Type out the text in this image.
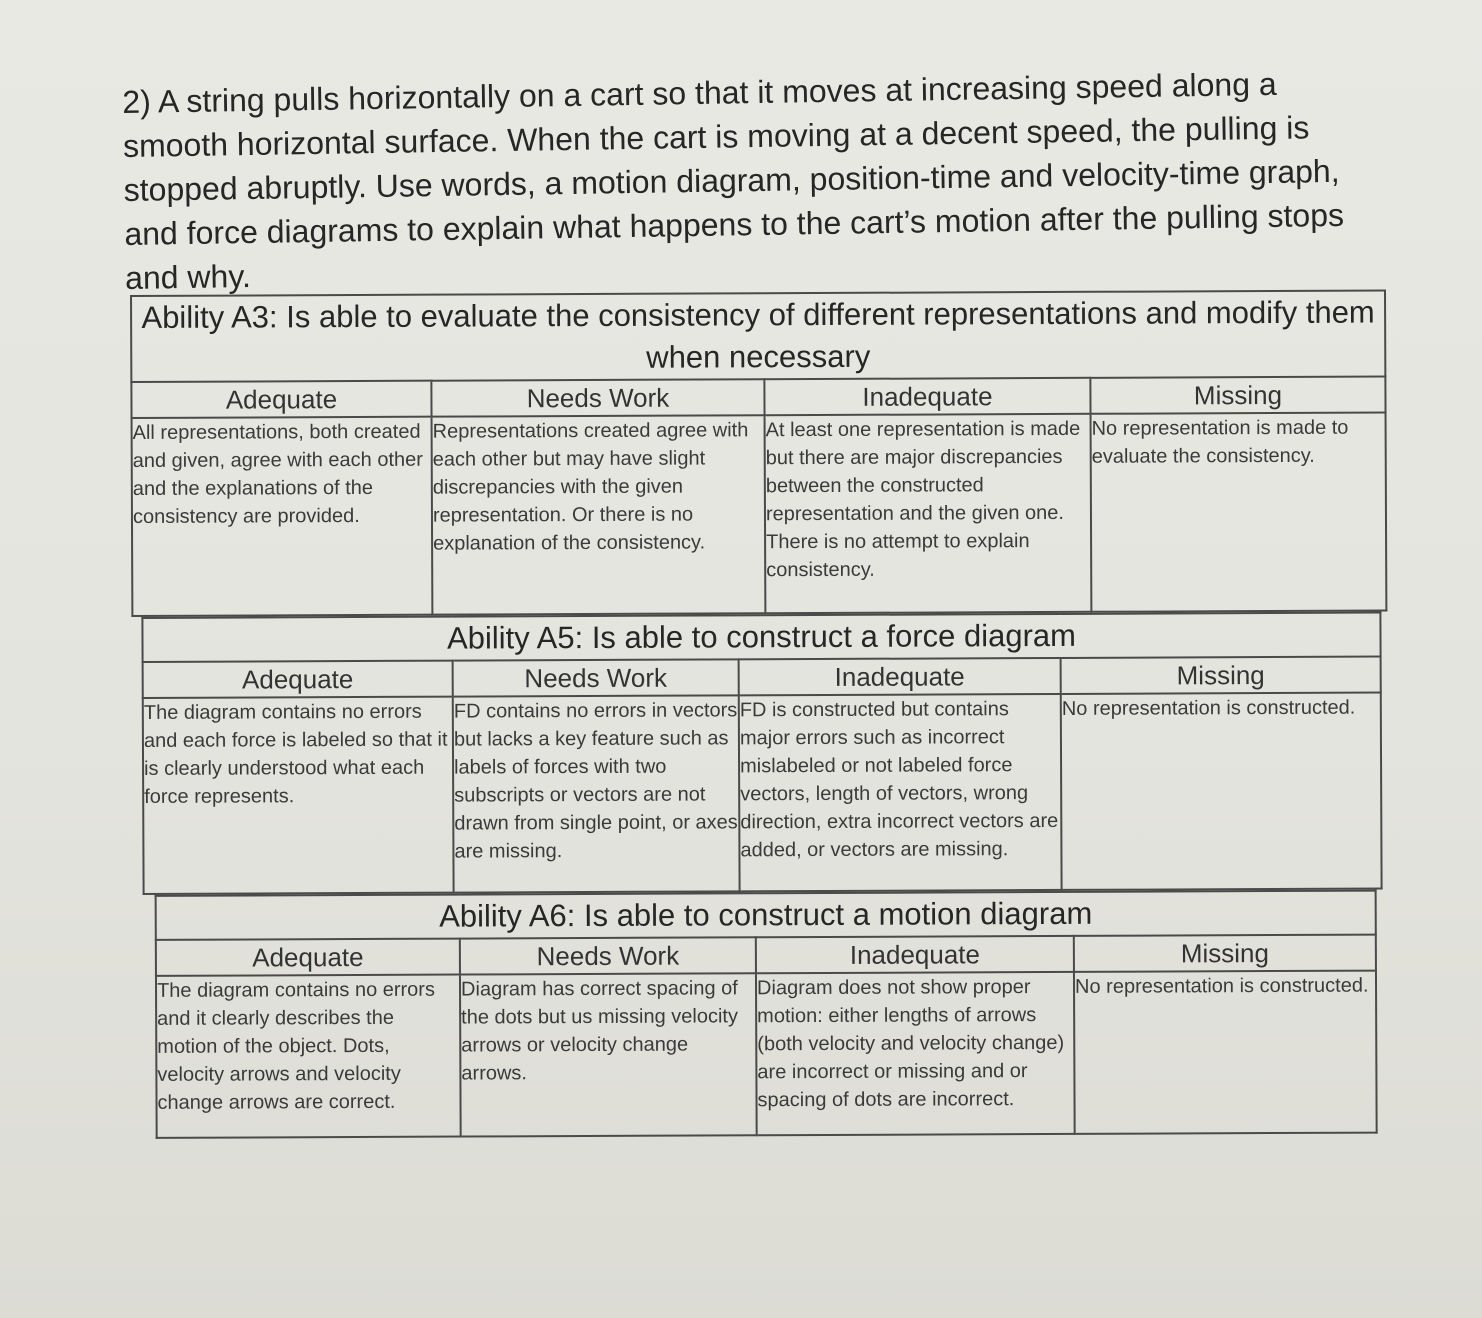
2) A string pulls horizontally on a cart so that it moves at increasing speed along a smooth horizontal surface. When the cart is moving at a decent speed, the pulling is stopped abruptly. Use words, a motion diagram, position-time and velocity-time graph, and force diagrams to explain what happens to the cart’s motion after the pulling stops and why.

Ability A3: Is able to evaluate the consistency of different representations and modify them when necessary			
Adequate	Needs Work	Inadequate	Missing
All representations, both created and given, agree with each other and the explanations of the consistency are provided.	Representations created agree with each other but may have slight discrepancies with the given representation. Or there is no explanation of the consistency.	At least one representation is made but there are major discrepancies between the constructed representation and the given one. There is no attempt to explain consistency.	No representation is made to evaluate the consistency.
Ability A5: Is able to construct a force diagram			
Adequate	Needs Work	Inadequate	Missing
The diagram contains no errors and each force is labeled so that it is clearly understood what each force represents.	FD contains no errors in vectors but lacks a key feature such as labels of forces with two subscripts or vectors are not drawn from single point, or axes are missing.	FD is constructed but contains major errors such as incorrect mislabeled or not labeled force vectors, length of vectors, wrong direction, extra incorrect vectors are added, or vectors are missing.	No representation is constructed.
Ability A6: Is able to construct a motion diagram			
Adequate	Needs Work	Inadequate	Missing
The diagram contains no errors and it clearly describes the motion of the object. Dots, velocity arrows and velocity change arrows are correct.	Diagram has correct spacing of the dots but us missing velocity arrows or velocity change arrows.	Diagram does not show proper motion: either lengths of arrows (both velocity and velocity change) are incorrect or missing and or spacing of dots are incorrect.	No representation is constructed.
